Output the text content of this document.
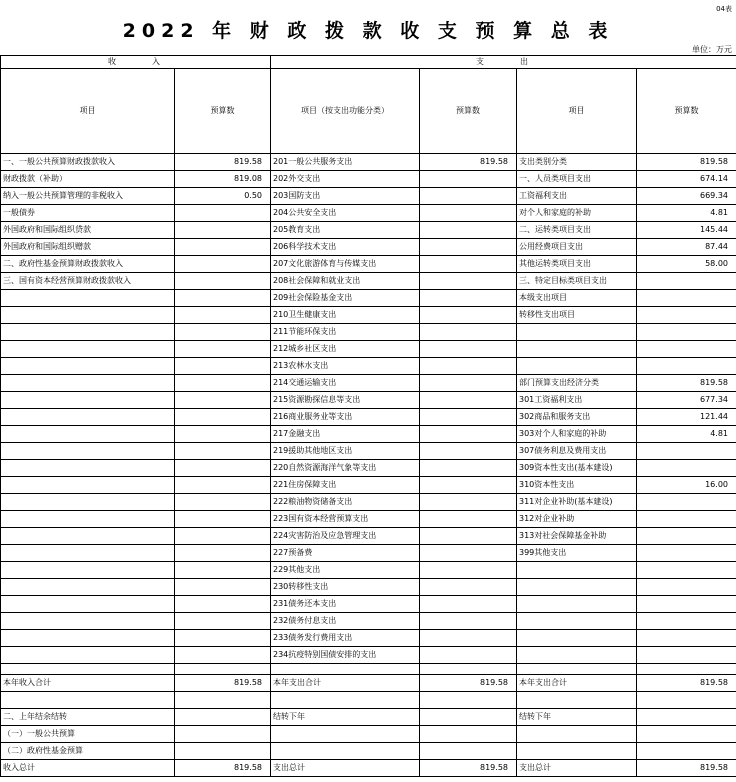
04表
2022 年 财 政 拨 款 收 支 预 算 总 表
单位：万元
收　　　入		支　　　出			
项目	预算数	项目（按支出功能分类）	预算数	项目	预算数
一、一般公共预算财政拨款收入	819.58	201一般公共服务支出	819.58	支出类别分类	819.58
财政拨款（补助）	819.08	202外交支出		一、人员类项目支出	674.14
纳入一般公共预算管理的非税收入	0.50	203国防支出		工资福利支出	669.34
一般债券		204公共安全支出		对个人和家庭的补助	4.81
外国政府和国际组织贷款		205教育支出		二、运转类项目支出	145.44
外国政府和国际组织赠款		206科学技术支出		公用经费项目支出	87.44
二、政府性基金预算财政拨款收入		207文化旅游体育与传媒支出		其他运转类项目支出	58.00
三、国有资本经营预算财政拨款收入		208社会保障和就业支出		三、特定目标类项目支出	
		209社会保险基金支出		本级支出项目	
		210卫生健康支出		转移性支出项目	
		211节能环保支出			
		212城乡社区支出			
		213农林水支出			
		214交通运输支出		部门预算支出经济分类	819.58
		215资源勘探信息等支出		301工资福利支出	677.34
		216商业服务业等支出		302商品和服务支出	121.44
		217金融支出		303对个人和家庭的补助	4.81
		219援助其他地区支出		307债务利息及费用支出	
		220自然资源海洋气象等支出		309资本性支出(基本建设)	
		221住房保障支出		310资本性支出	16.00
		222粮油物资储备支出		311对企业补助(基本建设)	
		223国有资本经营预算支出		312对企业补助	
		224灾害防治及应急管理支出		313对社会保障基金补助	
		227预备费		399其他支出	
		229其他支出			
		230转移性支出			
		231债务还本支出			
		232债务付息支出			
		233债务发行费用支出			
		234抗疫特别国债安排的支出			

本年收入合计	819.58	本年支出合计	819.58	本年支出合计	819.58

二、上年结余结转		结转下年		结转下年	
（一）一般公共预算					
（二）政府性基金预算					
收入总计	819.58	支出总计	819.58	支出总计	819.58
